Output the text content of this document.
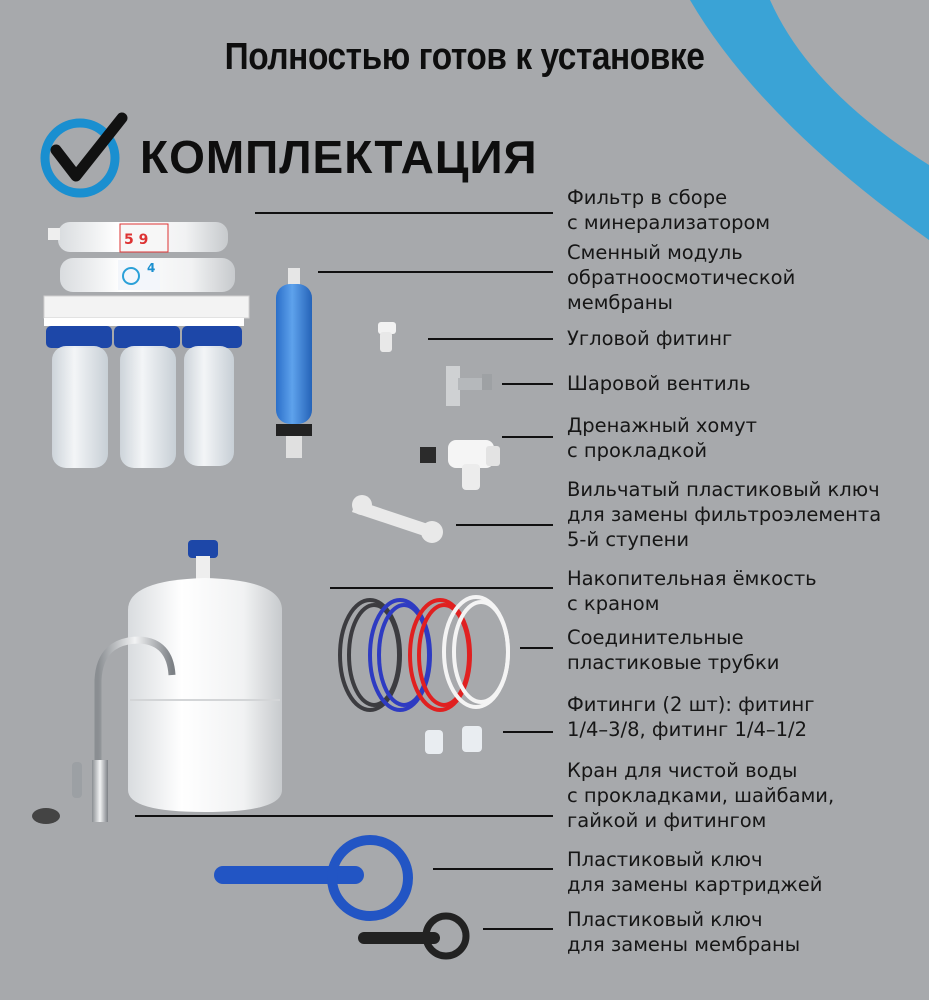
5 9
4
Полностью готов к установке
КОМПЛЕКТАЦИЯ
Фильтр в сборе
с минерализатором
Сменный модуль
обратноосмотической
мембраны
Угловой фитинг
Шаровой вентиль
Дренажный хомут
с прокладкой
Вильчатый пластиковый ключ
для замены фильтроэлемента
5-й ступени
Накопительная ёмкость
с краном
Соединительные
пластиковые трубки
Фитинги (2 шт): фитинг
1/4–3/8, фитинг 1/4–1/2
Кран для чистой воды
с прокладками, шайбами,
гайкой и фитингом
Пластиковый ключ
для замены картриджей
Пластиковый ключ
для замены мембраны
